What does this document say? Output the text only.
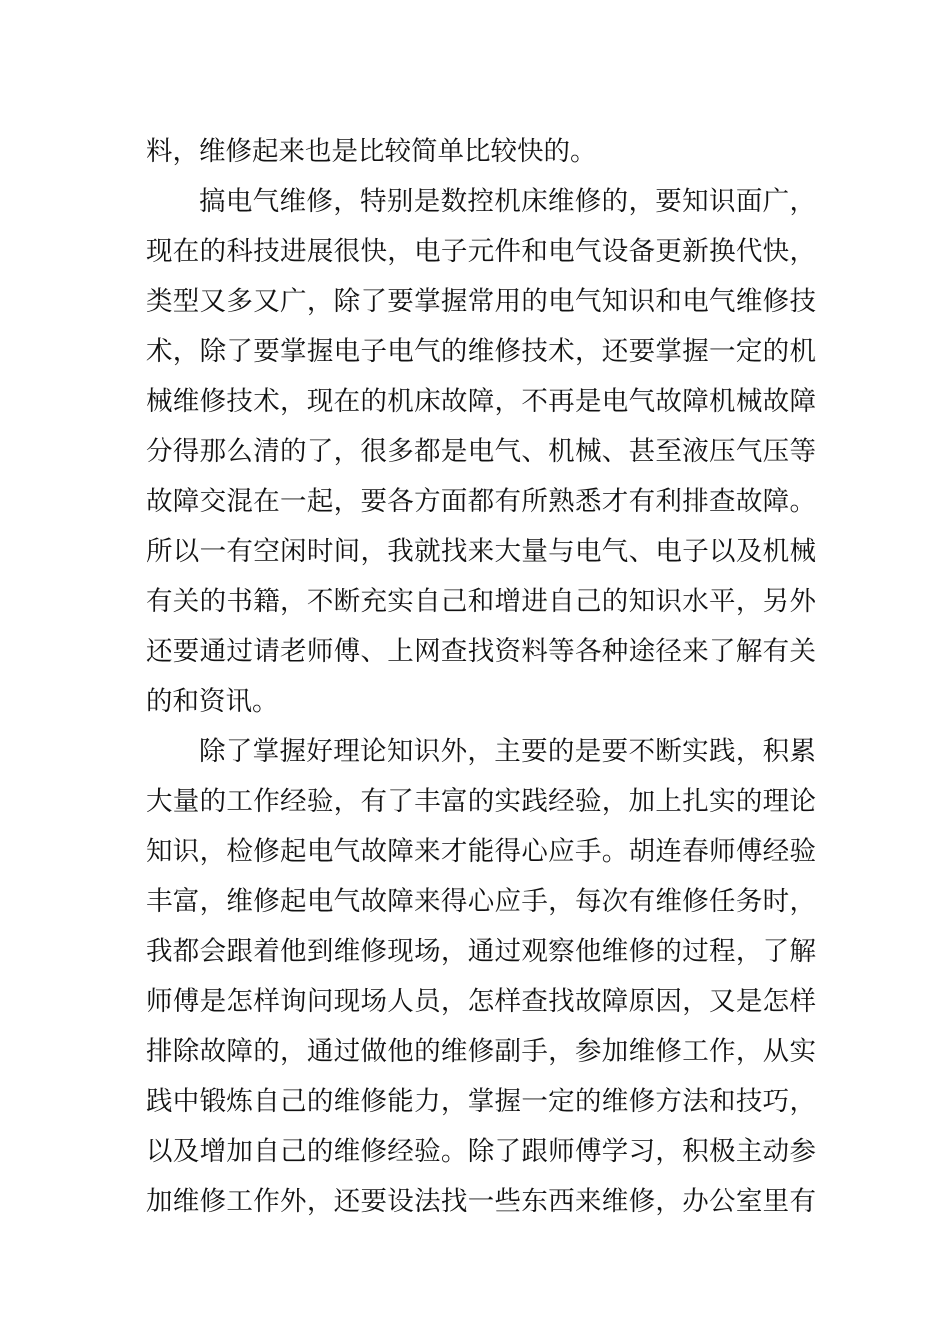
料，维修起来也是比较简单比较快的。
搞电气维修，特别是数控机床维修的，要知识面广，
现在的科技进展很快，电子元件和电气设备更新换代快，
类型又多又广，除了要掌握常用的电气知识和电气维修技
术，除了要掌握电子电气的维修技术，还要掌握一定的机
械维修技术，现在的机床故障，不再是电气故障机械故障
分得那么清的了，很多都是电气、机械、甚至液压气压等
故障交混在一起，要各方面都有所熟悉才有利排查故障。
所以一有空闲时间，我就找来大量与电气、电子以及机械
有关的书籍，不断充实自己和增进自己的知识水平，另外
还要通过请老师傅、上网查找资料等各种途径来了解有关
的和资讯。
除了掌握好理论知识外，主要的是要不断实践，积累
大量的工作经验，有了丰富的实践经验，加上扎实的理论
知识，检修起电气故障来才能得心应手。胡连春师傅经验
丰富，维修起电气故障来得心应手，每次有维修任务时，
我都会跟着他到维修现场，通过观察他维修的过程，了解
师傅是怎样询问现场人员，怎样查找故障原因，又是怎样
排除故障的，通过做他的维修副手，参加维修工作，从实
践中锻炼自己的维修能力，掌握一定的维修方法和技巧，
以及增加自己的维修经验。除了跟师傅学习，积极主动参
加维修工作外，还要设法找一些东西来维修，办公室里有
